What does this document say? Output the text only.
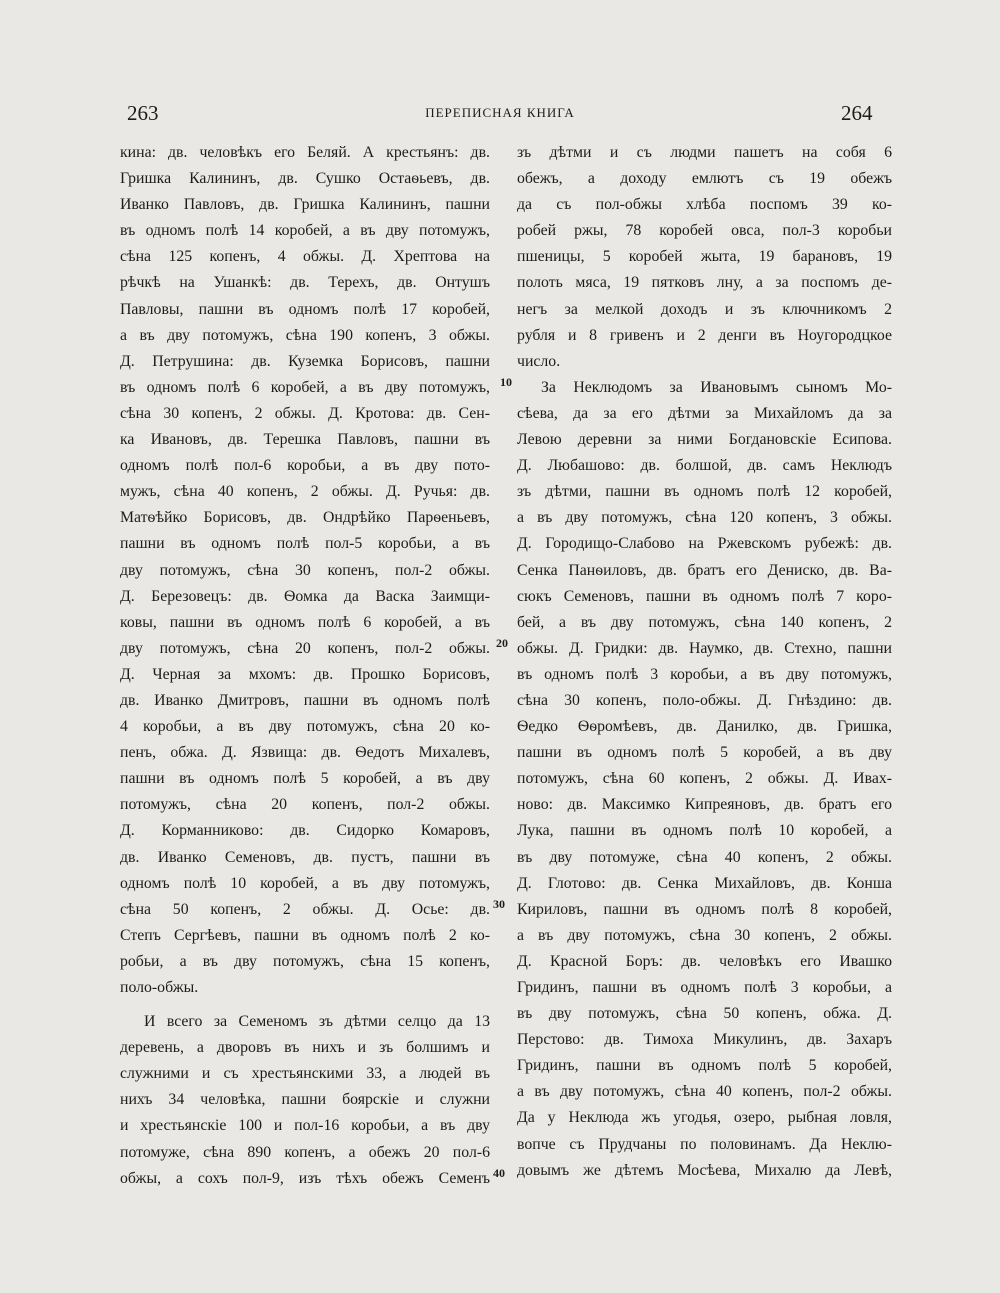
263	ПЕРЕПИСНАЯ КНИГА	264
кина: дв. человѣкъ его Беляй. А крестьянъ: дв.
Гришка Калининъ, дв. Сушко Остаѳьевъ, дв.
Иванко Павловъ, дв. Гришка Калининъ, пашни
въ одномъ полѣ 14 коробей, а въ дву потомужъ,
сѣна 125 копенъ, 4 обжы. Д. Хрептова на
рѣчкѣ на Ушанкѣ: дв. Терехъ, дв. Онтушъ
Павловы, пашни въ одномъ полѣ 17 коробей,
а въ дву потомужъ, сѣна 190 копенъ, 3 обжы.
Д. Петрушина: дв. Куземка Борисовъ, пашни
въ одномъ полѣ 6 коробей, а въ дву потомужъ,
сѣна 30 копенъ, 2 обжы. Д. Кротова: дв. Сен-
ка Ивановъ, дв. Терешка Павловъ, пашни въ
одномъ полѣ пол-6 коробьи, а въ дву пото-
мужъ, сѣна 40 копенъ, 2 обжы. Д. Ручья: дв.
Матѳѣйко Борисовъ, дв. Ондрѣйко Парѳеньевъ,
пашни въ одномъ полѣ пол-5 коробьи, а въ
дву потомужъ, сѣна 30 копенъ, пол-2 обжы.
Д. Березовецъ: дв. Ѳомка да Васка Заимщи-
ковы, пашни въ одномъ полѣ 6 коробей, а въ
дву потомужъ, сѣна 20 копенъ, пол-2 обжы.
Д. Черная за мхомъ: дв. Прошко Борисовъ,
дв. Иванко Дмитровъ, пашни въ одномъ полѣ
4 коробьи, а въ дву потомужъ, сѣна 20 ко-
пенъ, обжа. Д. Язвища: дв. Ѳедотъ Михалевъ,
пашни въ одномъ полѣ 5 коробей, а въ дву
потомужъ, сѣна 20 копенъ, пол-2 обжы.
Д. Корманниково: дв. Сидорко Комаровъ,
дв. Иванко Семеновъ, дв. пустъ, пашни въ
одномъ полѣ 10 коробей, а въ дву потомужъ,
сѣна 50 копенъ, 2 обжы. Д. Осье: дв.
Степъ Сергѣевъ, пашни въ одномъ полѣ 2 ко-
робьи, а въ дву потомужъ, сѣна 15 копенъ,
поло-обжы.
И всего за Семеномъ зъ дѣтми селцо да 13
деревень, а дворовъ въ нихъ и зъ болшимъ и
служними и съ хрестьянскими 33, а людей въ
нихъ 34 человѣка, пашни боярскіе и служни
и хрестьянскіе 100 и пол-16 коробьи, а въ дву
потомуже, сѣна 890 копенъ, а обежъ 20 пол-6
обжы, а сохъ пол-9, изъ тѣхъ обежъ Семенъ
10
20
30
40
зъ дѣтми и съ людми пашетъ на собя 6
обежъ, а доходу емлютъ съ 19 обежъ
да съ пол-обжы хлѣба поспомъ 39 ко-
робей ржы, 78 коробей овса, пол-3 коробьи
пшеницы, 5 коробей жыта, 19 барановъ, 19
полоть мяса, 19 пятковъ лну, а за поспомъ де-
негъ за мелкой доходъ и зъ ключникомъ 2
рубля и 8 гривенъ и 2 денги въ Ноугородцкое
число.
За Неклюдомъ за Ивановымъ сыномъ Мо-
сѣева, да за его дѣтми за Михайломъ да за
Левою деревни за ними Богдановскіе Есипова.
Д. Любашово: дв. болшой, дв. самъ Неклюдъ
зъ дѣтми, пашни въ одномъ полѣ 12 коробей,
а въ дву потомужъ, сѣна 120 копенъ, 3 обжы.
Д. Городищо-Слабово на Ржевскомъ рубежѣ: дв.
Сенка Панѳиловъ, дв. братъ его Дениско, дв. Ва-
сюкъ Семеновъ, пашни въ одномъ полѣ 7 коро-
бей, а въ дву потомужъ, сѣна 140 копенъ, 2
обжы. Д. Гридки: дв. Наумко, дв. Стехно, пашни
въ одномъ полѣ 3 коробьи, а въ дву потомужъ,
сѣна 30 копенъ, поло-обжы. Д. Гнѣздино: дв.
Ѳедко Ѳѳромѣевъ, дв. Данилко, дв. Гришка,
пашни въ одномъ полѣ 5 коробей, а въ дву
потомужъ, сѣна 60 копенъ, 2 обжы. Д. Ивах-
ново: дв. Максимко Кипреяновъ, дв. братъ его
Лука, пашни въ одномъ полѣ 10 коробей, а
въ дву потомуже, сѣна 40 копенъ, 2 обжы.
Д. Глотово: дв. Сенка Михайловъ, дв. Конша
Кириловъ, пашни въ одномъ полѣ 8 коробей,
а въ дву потомужъ, сѣна 30 копенъ, 2 обжы.
Д. Красной Боръ: дв. человѣкъ его Ивашко
Гридинъ, пашни въ одномъ полѣ 3 коробьи, а
въ дву потомужъ, сѣна 50 копенъ, обжа. Д.
Перстово: дв. Тимоха Микулинъ, дв. Захаръ
Гридинъ, пашни въ одномъ полѣ 5 коробей,
а въ дву потомужъ, сѣна 40 копенъ, пол-2 обжы.
Да у Неклюда жъ угодья, озеро, рыбная ловля,
вопче съ Прудчаны по половинамъ. Да Неклю-
довымъ же дѣтемъ Мосѣева, Михалю да Левѣ,
